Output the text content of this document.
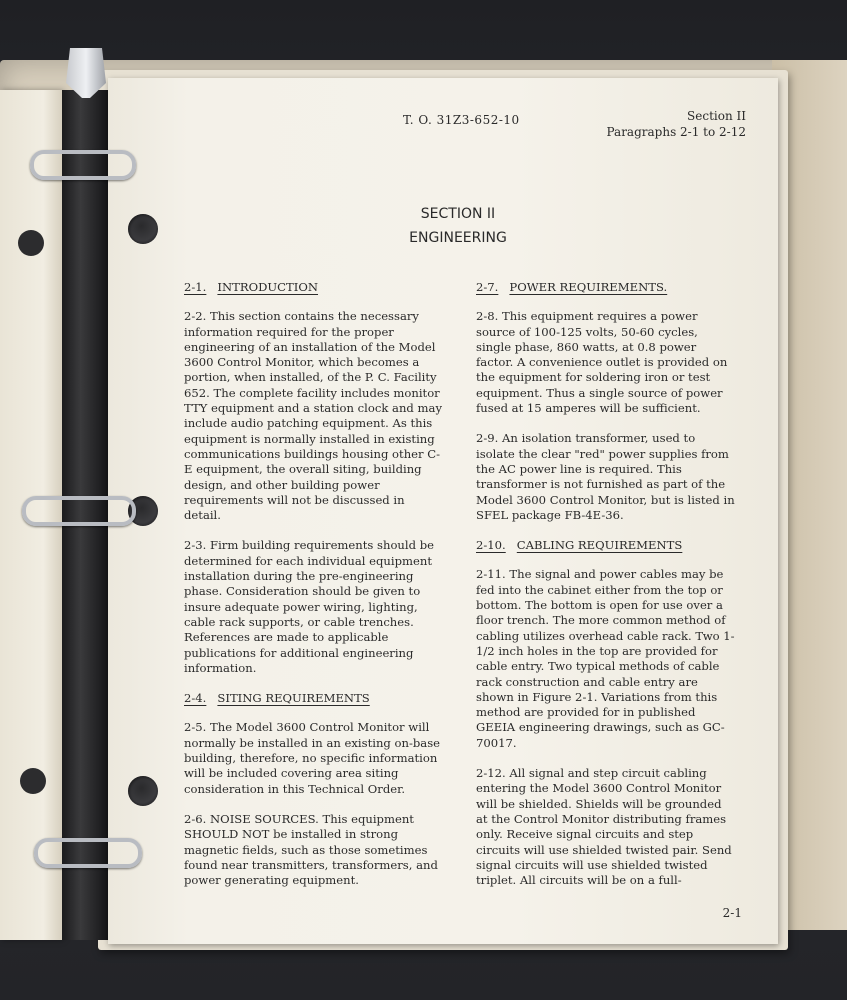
T. O. 31Z3-652-10	Section II
Paragraphs 2-1 to 2-12
SECTION II
ENGINEERING
2-1. INTRODUCTION

2-2. This section contains the necessary information required for the proper engineering of an installation of the Model 3600 Control Monitor, which becomes a portion, when installed, of the P. C. Facility 652. The complete facility includes monitor TTY equipment and a station clock and may include audio patching equipment. As this equipment is normally installed in existing communications buildings housing other C-E equipment, the overall siting, building design, and other building power requirements will not be discussed in detail.

2-3. Firm building requirements should be determined for each individual equipment installation during the pre-engineering phase. Consideration should be given to insure adequate power wiring, lighting, cable rack supports, or cable trenches. References are made to applicable publications for additional engineering information.

2-4. SITING REQUIREMENTS

2-5. The Model 3600 Control Monitor will normally be installed in an existing on-base building, therefore, no specific information will be included covering area siting consideration in this Technical Order.

2-6. NOISE SOURCES. This equipment SHOULD NOT be installed in strong magnetic fields, such as those sometimes found near transmitters, transformers, and power generating equipment.

2-7. POWER REQUIREMENTS.

2-8. This equipment requires a power source of 100-125 volts, 50-60 cycles, single phase, 860 watts, at 0.8 power factor. A convenience outlet is provided on the equipment for soldering iron or test equipment. Thus a single source of power fused at 15 amperes will be sufficient.

2-9. An isolation transformer, used to isolate the clear "red" power supplies from the AC power line is required. This transformer is not furnished as part of the Model 3600 Control Monitor, but is listed in SFEL package FB-4E-36.

2-10. CABLING REQUIREMENTS

2-11. The signal and power cables may be fed into the cabinet either from the top or bottom. The bottom is open for use over a floor trench. The more common method of cabling utilizes overhead cable rack. Two 1-1/2 inch holes in the top are provided for cable entry. Two typical methods of cable rack construction and cable entry are shown in Figure 2-1. Variations from this method are provided for in published GEEIA engineering drawings, such as GC-70017.

2-12. All signal and step circuit cabling entering the Model 3600 Control Monitor will be shielded. Shields will be grounded at the Control Monitor distributing frames only. Receive signal circuits and step circuits will use shielded twisted pair. Send signal circuits will use shielded twisted triplet. All circuits will be on a full-

2-1
